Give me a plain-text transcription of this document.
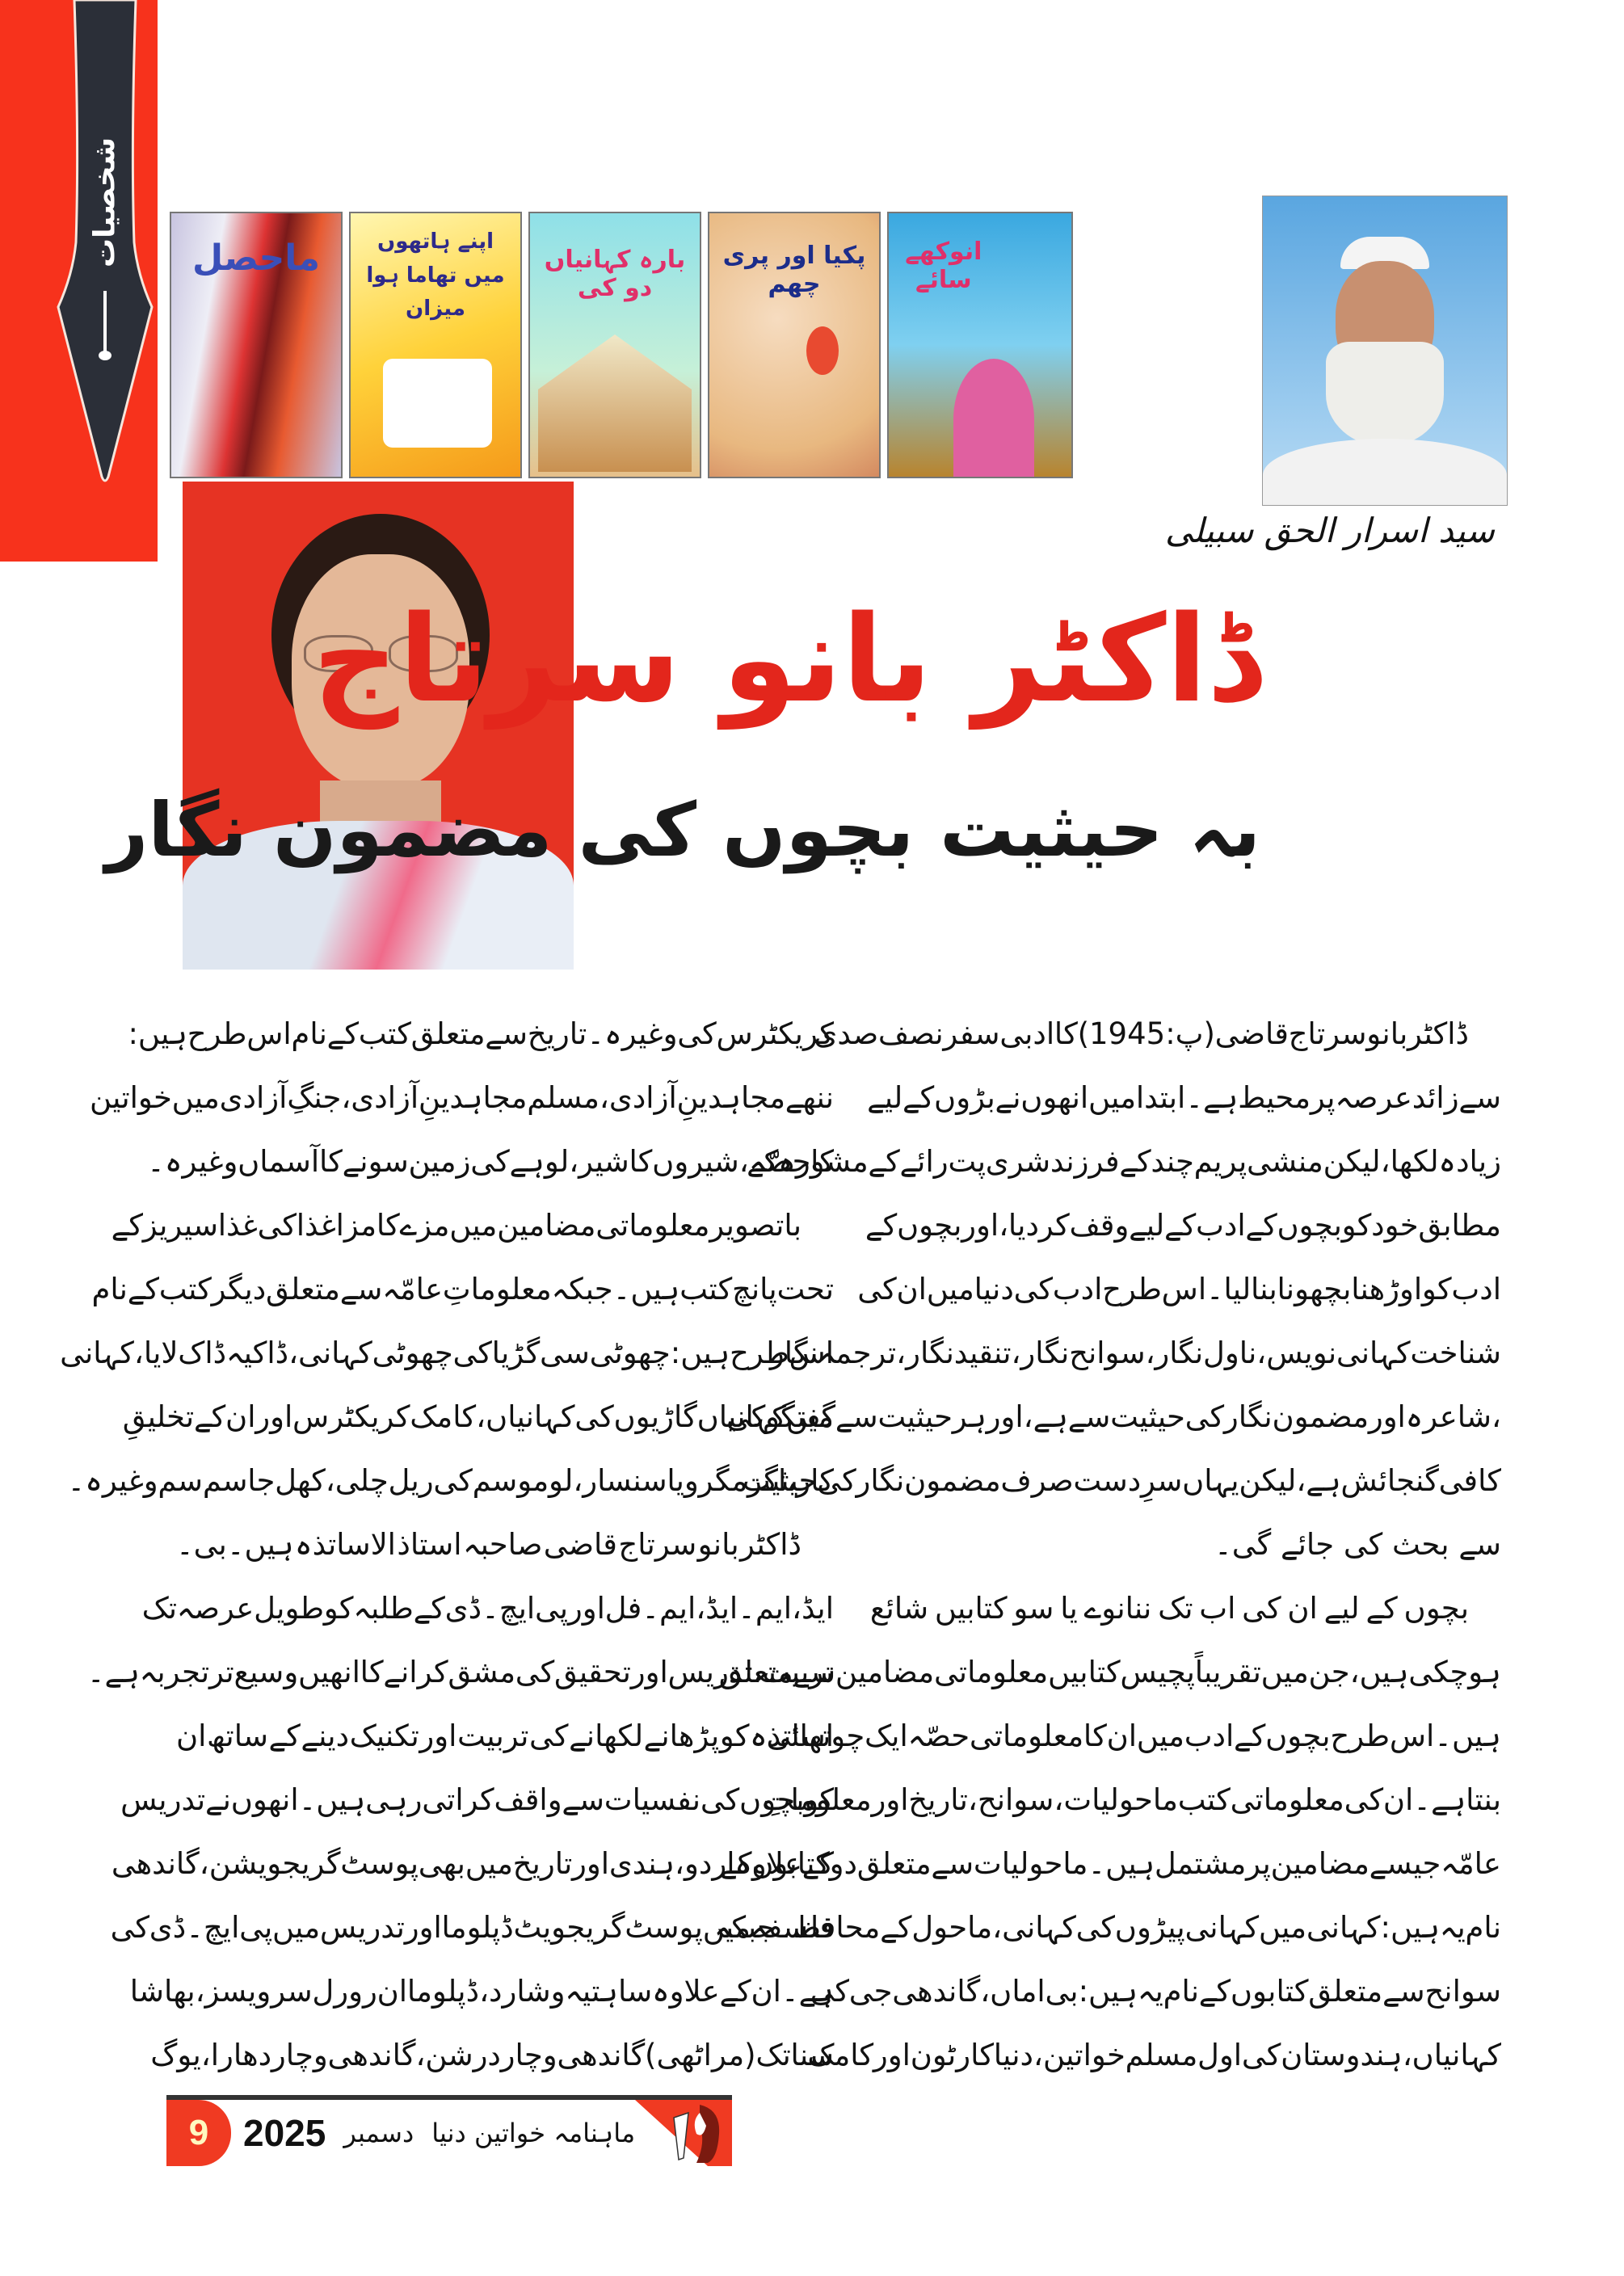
شخصیات	ماحصل	اپنے ہاتھوں میں تھاما ہوا میزان
بارہ کہانیاں دو کی
پکیا اور پری چھم
انوکھے سائے
سید اسرار الحق سبیلی
ڈاکٹر بانو سرتاج
بہ حیثیت بچوں کی مضمون نگار
ڈاکٹر بانو سرتاج قاضی (پ:1945) کا ادبی سفر نصف صدی
سے زائد عرصہ پر محیط ہے۔ابتدا میں انھوں نے بڑوں کے لیے
زیادہ لکھا،لیکن منشی پریم چند کے فرزند شری پت رائے کے مشورہ کے
مطابق خود کو بچوں کے ادب کے لیے وقف کر دیا ،اور بچوں کے
ادب کو اوڑھنا بچھونا بنا لیا۔ اس طرح ادب کی دنیا میں ان کی
شناخت کہانی نویس،ناول نگار ،سوانح نگار،تنقید نگار،ترجمہ نگار
،شاعرہ اور مضمون نگار کی حیثیت سے ہے،اور ہر حیثیت سے گفتگو کی
کافی گنجائش ہے،لیکن یہاں سرِ دست صرف مضمون نگار کی حیثیت
سے بحث کی جائے گی۔
بچوں کے لیے ان کی اب تک ننانوے یا سو کتابیں شائع
ہو چکی ہیں،جن میں تقریباً پچیس کتابیں معلوماتی مضامین سے متعلق
ہیں۔اس طرح بچوں کے ادب میں ان کا معلوماتی حصّہ ایک چوتھائی
بنتا ہے۔ان کی معلوماتی کتب ماحولیات،سوانح،تاریخ اور معلوماتِ
عامّہ جیسے مضامین پر مشتمل ہیں۔ماحولیات سے متعلق دو کتابوں کے
نام یہ ہیں:کہانی میں کہانی پیڑوں کی کہانی،ماحول کے محافظ۔جبکہ
سوانح سے متعلق کتابوں کے نام یہ ہیں:بی اماں،گاندھی جی کی
کہانیاں ،ہندوستان کی اول مسلم خواتین،دنیا کارٹون اور کامک
کریکٹرس کی وغیرہ۔تاریخ سے متعلق کتب کے نام اس طرح ہیں:
ننھے مجاہدینِ آزادی،مسلم مجاہدینِ آزادی،جنگِ آزادی میں خواتین
کا حصّہ،شیروں کا شیر،لوہے کی زمین سونے کا آسماں وغیرہ۔
باتصویر معلوماتی مضامین میں مزے کا مزا غذا کی غذا سیریز کے
تحت پانچ کتب ہیں۔جبکہ معلوماتِ عامّہ سے متعلق دیگر کتب کے نام
اس طرح ہیں:چھوٹی سی گڑیا کی چھوٹی کہانی،ڈاکیہ ڈاک لایا،کہانی
میں کہانیاں گاڑیوں کی کہانیاں،کامک کریکٹرس اور ان کے تخلیقِ
کار،اگر مگر ویا سنسار،لو موسم کی ریل چلی،کھل جا سم سم وغیرہ۔
ڈاکٹر بانو سرتاج قاضی صاحبہ استاذ الاساتذہ ہیں۔بی۔
ایڈ،ایم۔ایڈ،ایم۔فل اور پی ایچ۔ڈی کے طلبہ کو طویل عرصہ تک
تربیت،تدریس اور تحقیق کی مشق کرانے کا انھیں وسیع تر تجربہ ہے۔
اساتذہ کو پڑھانے لکھانے کی تربیت اور تکنیک دینے کے ساتھ ان
کو بچوں کی نفسیات سے واقف کراتی رہی ہیں۔انھوں نے تدریس
کے علاوہ اردو،ہندی اور تاریخ میں بھی پوسٹ گریجویشن،گاندھی
فلسفہ میں پوسٹ گریجویٹ ڈپلوما اور تدریس میں پی ایچ۔ڈی کی
ہے۔ان کے علاوہ ساہتیہ وشارد،ڈپلوما ان رورل سرویسز،بھاشا
سنا تک (مراٹھی) گاندھی وچار درشن،گاندھی وچار دھارا،یوگ
9 2025 دسمبر ماہنامہ خواتین دنیا
